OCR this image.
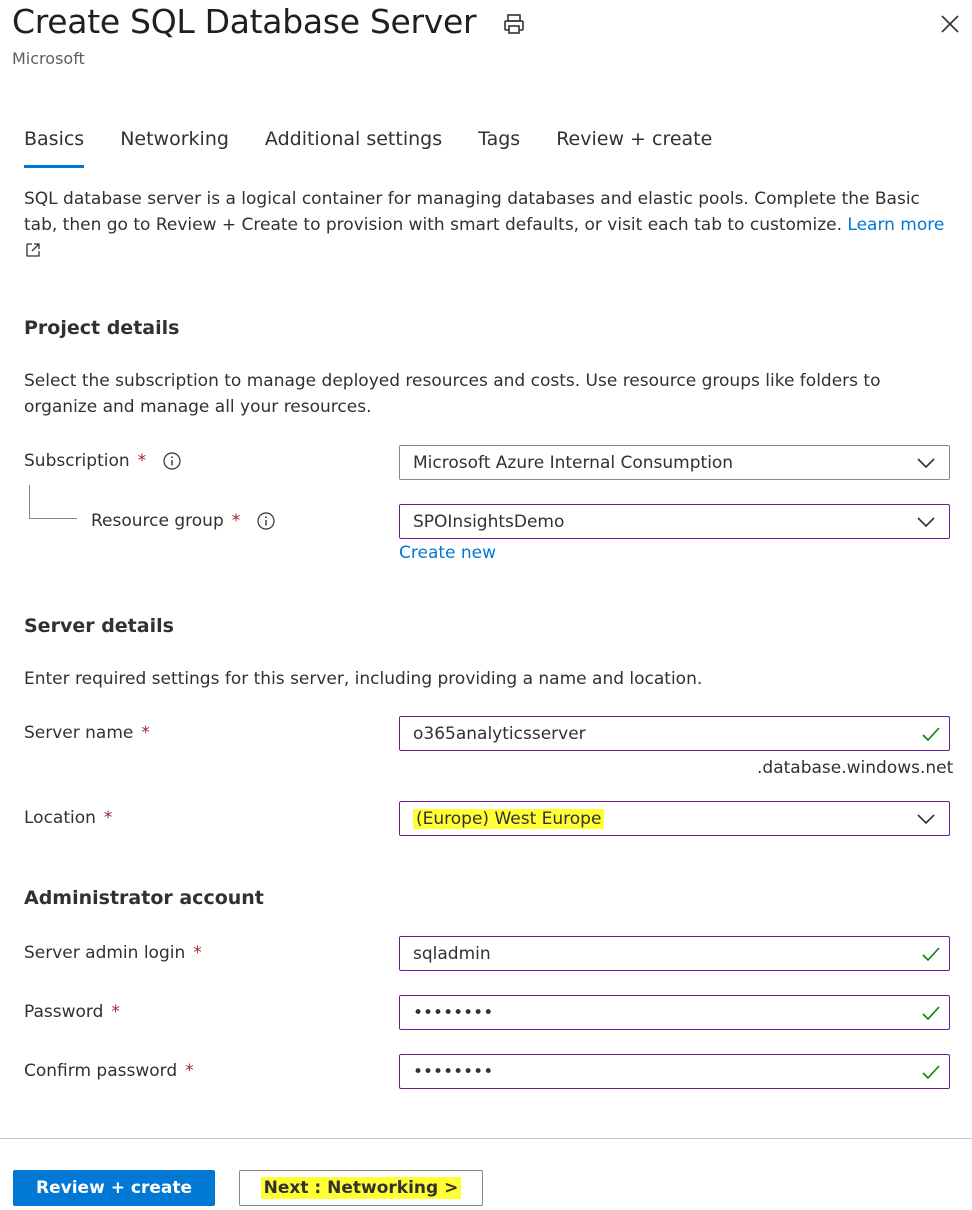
Create SQL Database Server
Microsoft
Basics Networking Additional settings Tags Review + create
SQL database server is a logical container for managing databases and elastic pools. Complete the Basic tab, then go to Review + Create to provision with smart defaults, or visit each tab to customize. Learn more

Project details
Select the subscription to manage deployed resources and costs. Use resource groups like folders to organize and manage all your resources.
Subscription *	Microsoft Azure Internal Consumption
Resource group *	SPOInsightsDemo
Create new
Server details
Enter required settings for this server, including providing a name and location.
Server name *	o365analyticsserver
.database.windows.net
Location *	(Europe) West Europe
Administrator account
Server admin login *	sqladmin
Password *	••••••••
Confirm password *	••••••••
Review + create	Next : Networking >
